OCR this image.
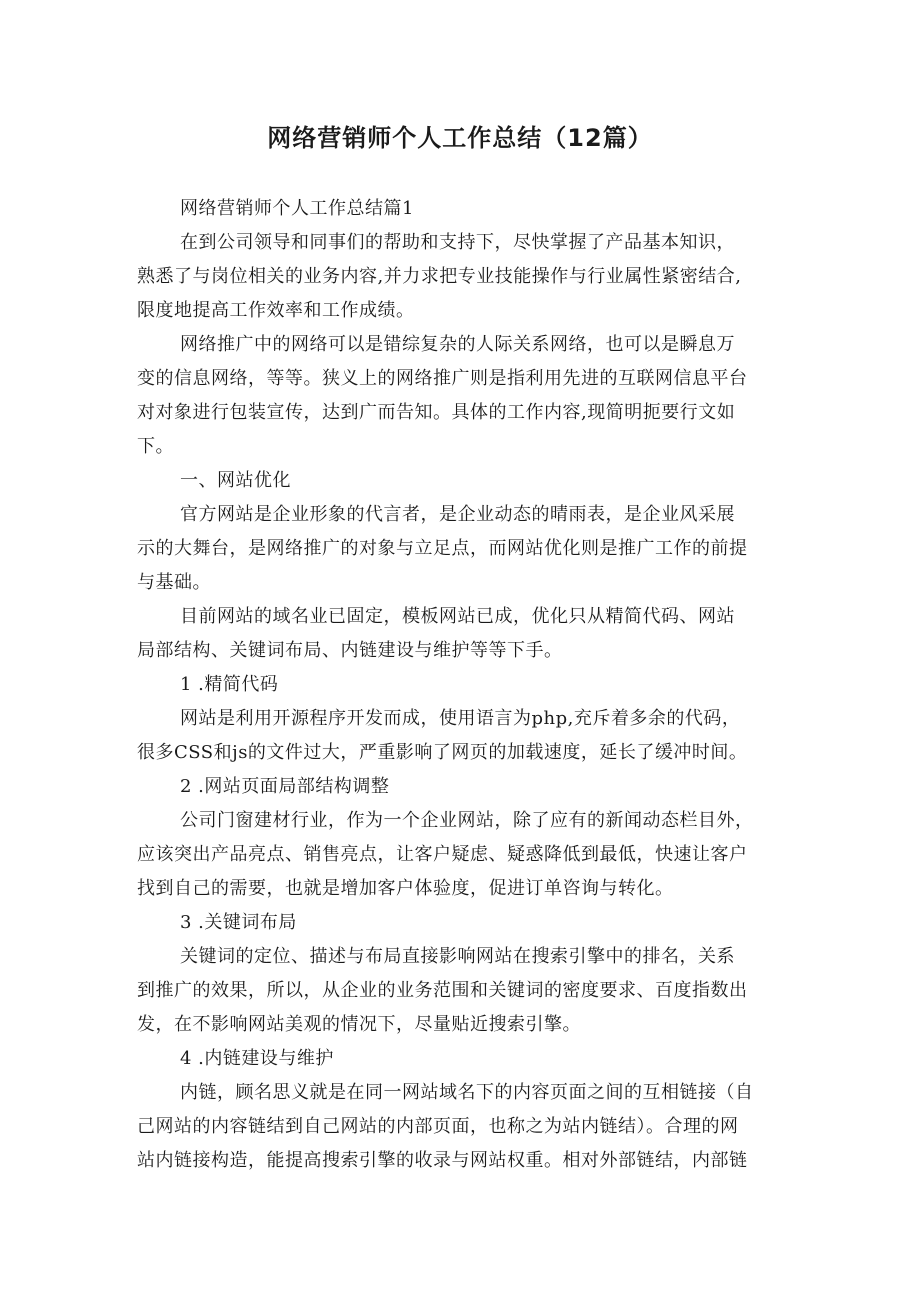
网络营销师个人工作总结（12篇）
网络营销师个人工作总结篇1
在到公司领导和同事们的帮助和支持下，尽快掌握了产品基本知识，
熟悉了与岗位相关的业务内容,并力求把专业技能操作与行业属性紧密结合,
限度地提高工作效率和工作成绩。
网络推广中的网络可以是错综复杂的人际关系网络，也可以是瞬息万
变的信息网络，等等。狭义上的网络推广则是指利用先进的互联网信息平台
对对象进行包装宣传，达到广而告知。具体的工作内容,现简明扼要行文如
下。
一、网站优化
官方网站是企业形象的代言者，是企业动态的晴雨表，是企业风采展
示的大舞台，是网络推广的对象与立足点，而网站优化则是推广工作的前提
与基础。
目前网站的域名业已固定，模板网站已成，优化只从精简代码、网站
局部结构、关键词布局、内链建设与维护等等下手。
1 .精简代码
网站是利用开源程序开发而成，使用语言为php,充斥着多余的代码，
很多CSS和js的文件过大，严重影响了网页的加载速度，延长了缓冲时间。
2 .网站页面局部结构调整
公司门窗建材行业，作为一个企业网站，除了应有的新闻动态栏目外，
应该突出产品亮点、销售亮点，让客户疑虑、疑惑降低到最低，快速让客户
找到自己的需要，也就是增加客户体验度，促进订单咨询与转化。
3 .关键词布局
关键词的定位、描述与布局直接影响网站在搜索引擎中的排名，关系
到推广的效果，所以，从企业的业务范围和关键词的密度要求、百度指数出
发，在不影响网站美观的情况下，尽量贴近搜索引擎。
4 .内链建设与维护
内链，顾名思义就是在同一网站域名下的内容页面之间的互相链接（自
己网站的内容链结到自己网站的内部页面，也称之为站内链结）。合理的网
站内链接构造，能提高搜索引擎的收录与网站权重。相对外部链结，内部链
